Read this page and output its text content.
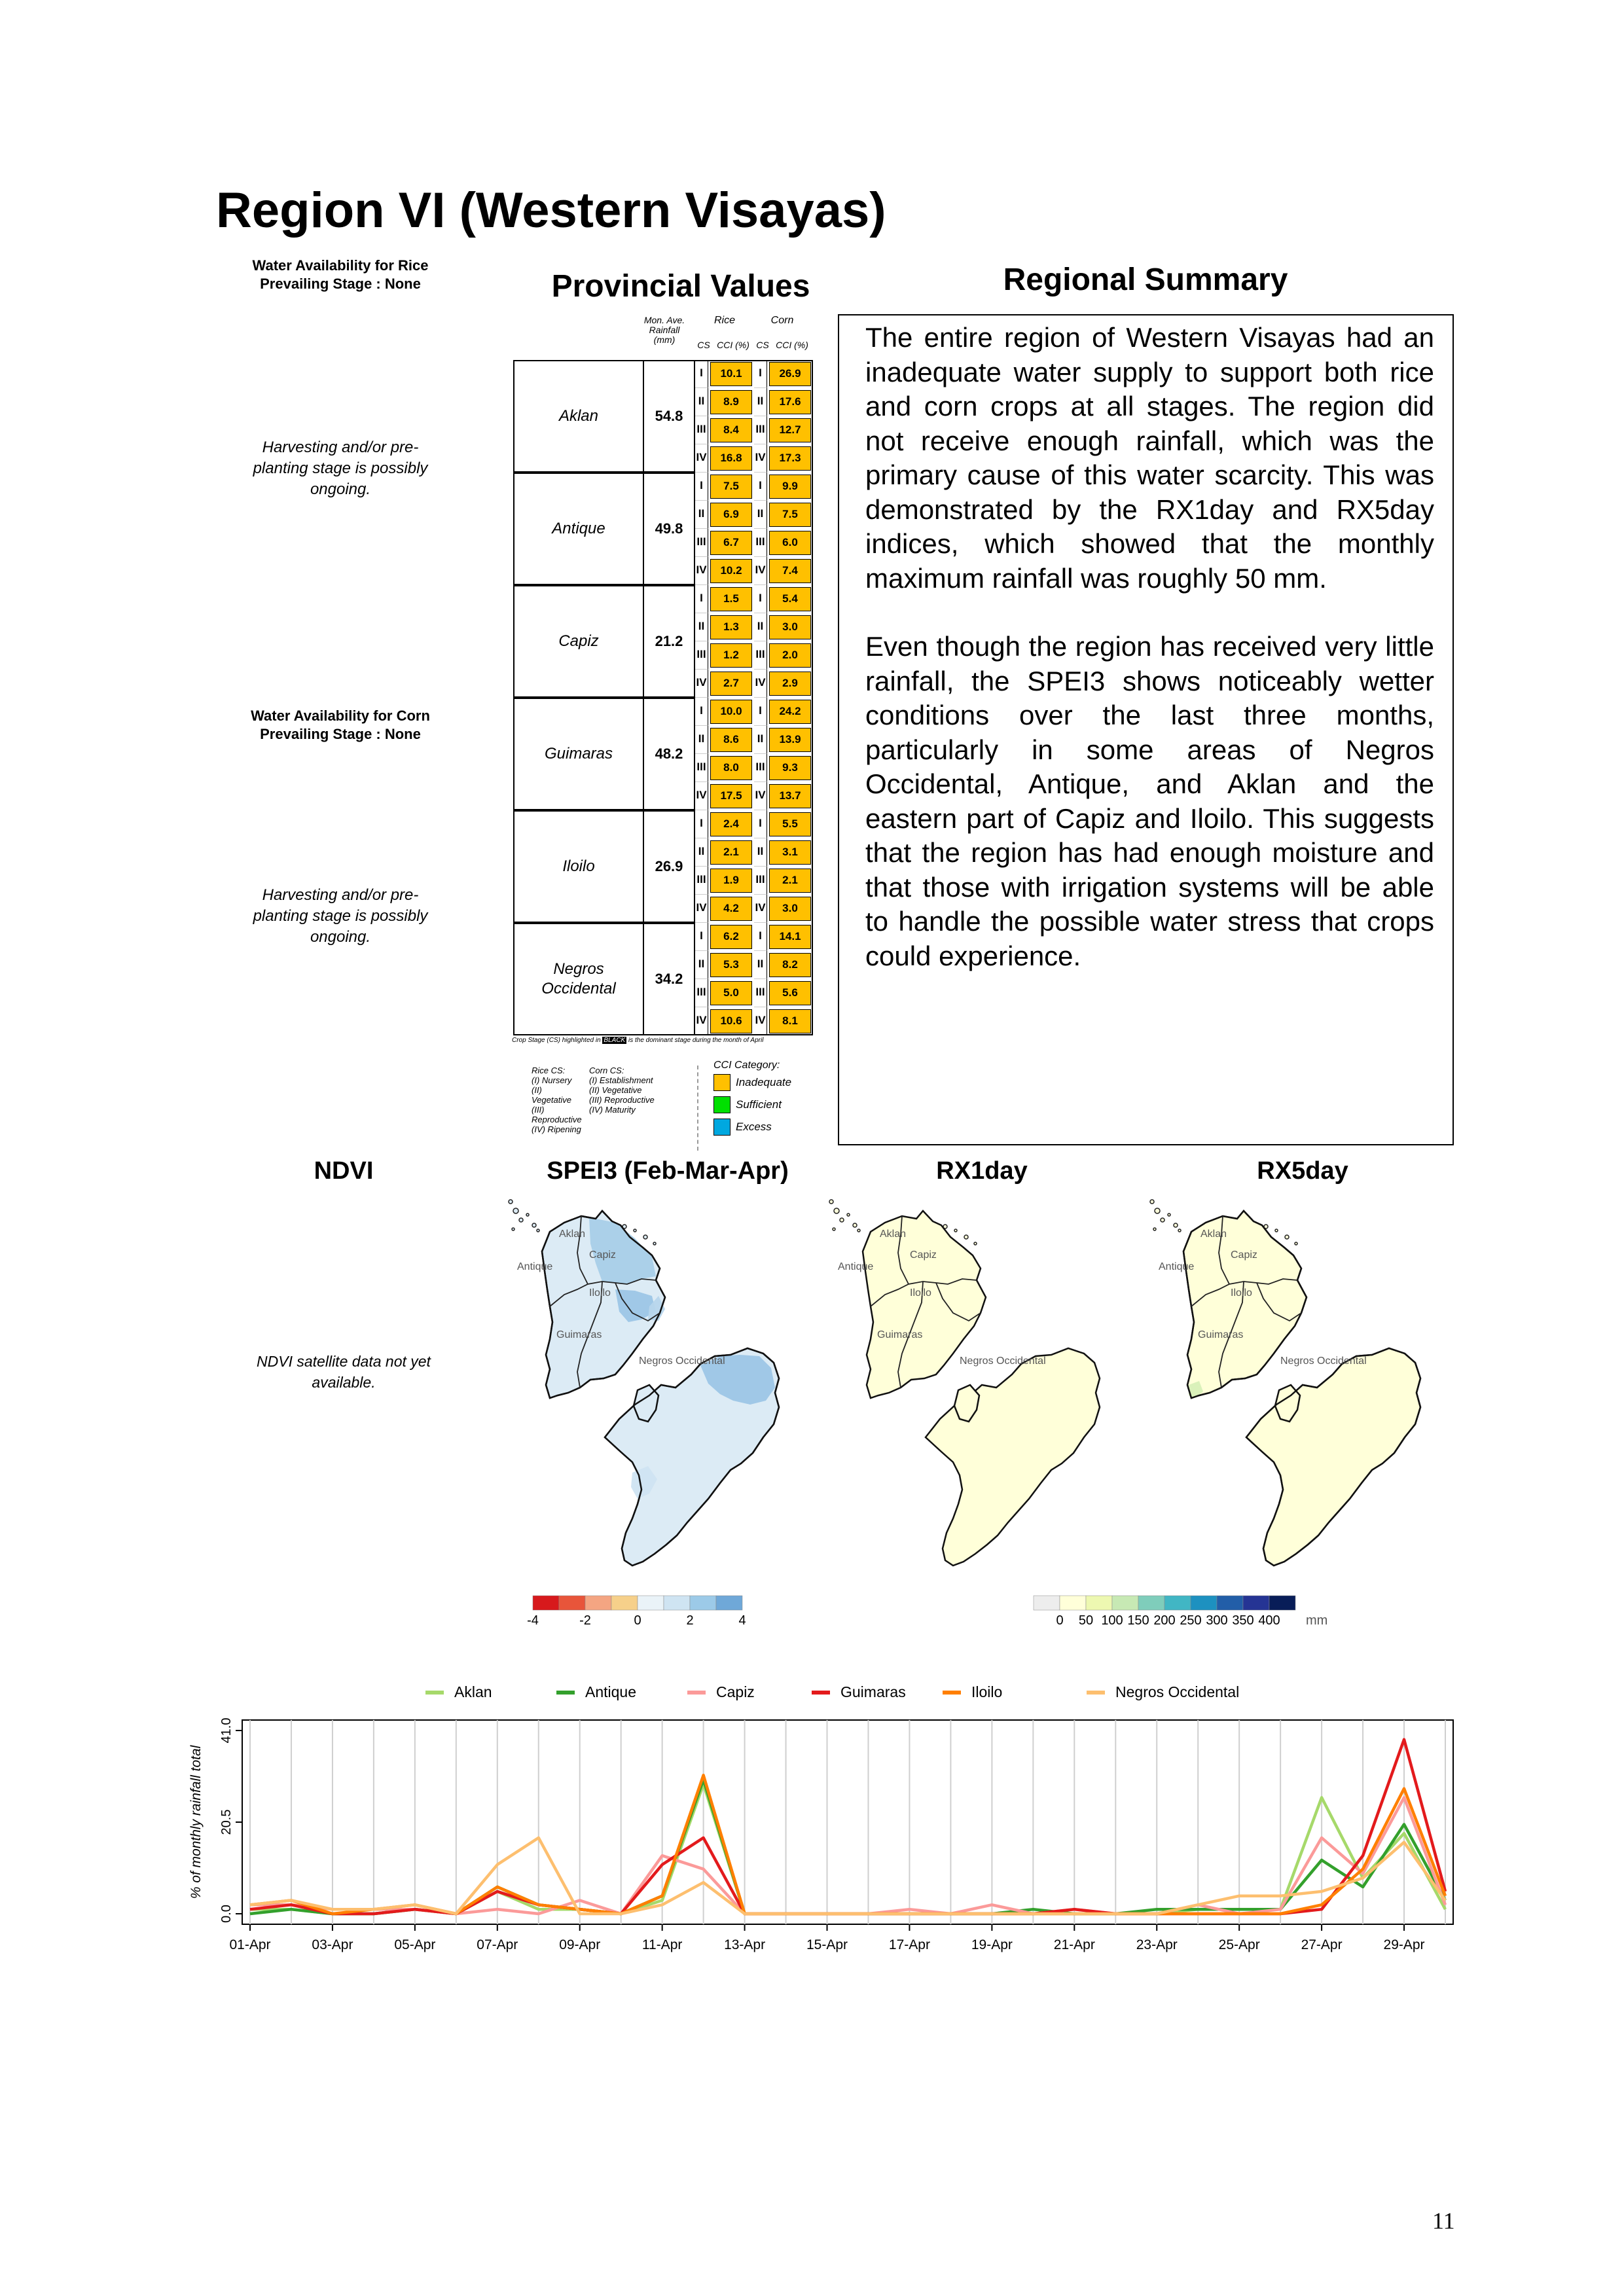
Region VI (Western Visayas)
Water Availability for Rice
Prevailing Stage : None
Harvesting and/or pre-planting stage is possibly ongoing.
Water Availability for Corn
Prevailing Stage : None
Harvesting and/or pre-planting stage is possibly ongoing.
Provincial Values
Mon. Ave. Rainfall (mm)
Rice	Corn
CS CCI (%) CS CCI (%)
Aklan	54.8
I	10.1	I	26.9
II	8.9	II	17.6
III	8.4	III	12.7
IV	16.8	IV	17.3
Antique	49.8
I	7.5	I	9.9
II	6.9	II	7.5
III	6.7	III	6.0
IV	10.2	IV	7.4
Capiz	21.2
I	1.5	I	5.4
II	1.3	II	3.0
III	1.2	III	2.0
IV	2.7	IV	2.9
Guimaras	48.2
I	10.0	I	24.2
II	8.6	II	13.9
III	8.0	III	9.3
IV	17.5	IV	13.7
Iloilo	26.9
I	2.4	I	5.5
II	2.1	II	3.1
III	1.9	III	2.1
IV	4.2	IV	3.0
Negros Occidental
34.2
I	6.2	I	14.1
II	5.3	II	8.2
III	5.0	III	5.6
IV	10.6	IV	8.1
Crop Stage (CS) highlighted in BLACK is the dominant stage during the month of April
Rice CS:
(I) Nursery
(II) Vegetative
(III) Reproductive
(IV) Ripening
Corn CS:
(I) Establishment
(II) Vegetative
(III) Reproductive
(IV) Maturity
CCI Category:
Inadequate
Sufficient
Excess
Regional Summary

The entire region of Western Visayas had an inadequate water supply to support both rice and corn crops at all stages. The region did not receive enough rainfall, which was the primary cause of this water scarcity. This was demonstrated by the RX1day and RX5day indices, which showed that the monthly maximum rainfall was roughly 50 mm.

Even though the region has received very little rainfall, the SPEI3 shows noticeably wetter conditions over the last three months, particularly in some areas of Negros Occidental, Antique, and Aklan and the eastern part of Capiz and Iloilo. This suggests that the region has had enough moisture and that those with irrigation systems will be able to handle the possible water stress that crops could experience.

NDVI	SPEI3 (Feb-Mar-Apr)	RX1day	RX5day
NDVI satellite data not yet available.
Aklan
Capiz
Antique
Iloilo
Guimaras
Negros Occidental
Aklan
Capiz
Antique
Iloilo
Guimaras
Negros Occidental
Aklan
Capiz
Antique
Iloilo
Guimaras
Negros Occidental
-4	-2	0	2	4	0 50 100 150 200 250 300 350 400 mm
Aklan	Antique	Capiz	Guimaras	Iloilo	Negros Occidental
0.0
20.5
41.0
% of monthly rainfall total
01-Apr	03-Apr	05-Apr	07-Apr	09-Apr	11-Apr	13-Apr	15-Apr	17-Apr	19-Apr	21-Apr	23-Apr	25-Apr	27-Apr	29-Apr
11
